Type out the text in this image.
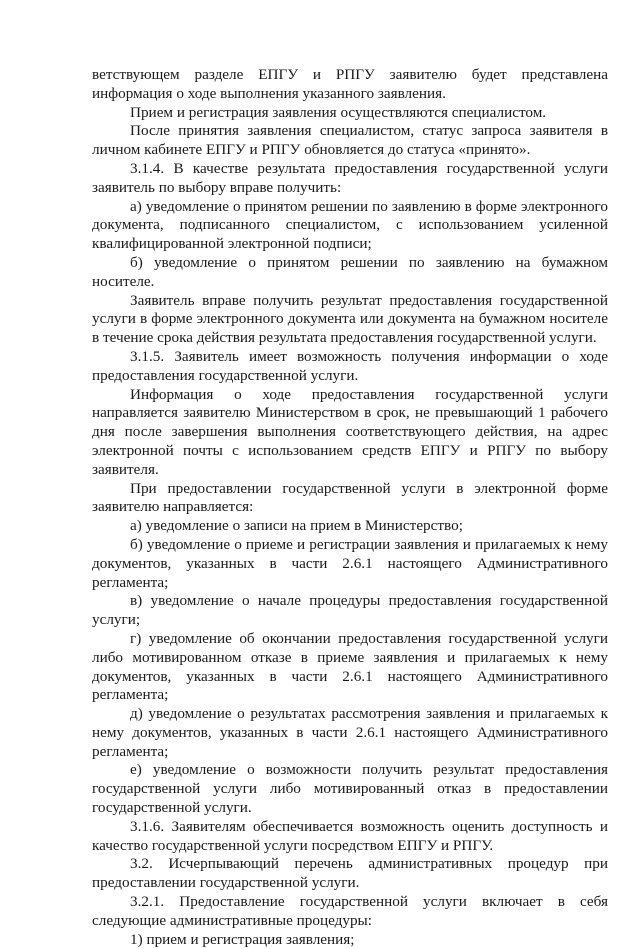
ветствующем разделе ЕПГУ и РПГУ заявителю будет представлена информация о ходе выполнения указанного заявления.

Прием и регистрация заявления осуществляются специалистом.

После принятия заявления специалистом, статус запроса заявителя в личном кабинете ЕПГУ и РПГУ обновляется до статуса «принято».

3.1.4. В качестве результата предоставления государственной услуги заявитель по выбору вправе получить:

а) уведомление о принятом решении по заявлению в форме электронного документа, подписанного специалистом, с использованием усиленной квалифицированной электронной подписи;

б) уведомление о принятом решении по заявлению на бумажном носителе.

Заявитель вправе получить результат предоставления государственной услуги в форме электронного документа или документа на бумажном носителе в течение срока действия результата предоставления государственной услуги.

3.1.5. Заявитель имеет возможность получения информации о ходе предоставления государственной услуги.

Информация о ходе предоставления государственной услуги направляется заявителю Министерством в срок, не превышающий 1 рабочего дня после завершения выполнения соответствующего действия, на адрес электронной почты с использованием средств ЕПГУ и РПГУ по выбору заявителя.

При предоставлении государственной услуги в электронной форме заявителю направляется:

а) уведомление о записи на прием в Министерство;

б) уведомление о приеме и регистрации заявления и прилагаемых к нему документов, указанных в части 2.6.1 настоящего Административного регламента;

в) уведомление о начале процедуры предоставления государственной услуги;

г) уведомление об окончании предоставления государственной услуги либо мотивированном отказе в приеме заявления и прилагаемых к нему документов, указанных в части 2.6.1 настоящего Административного регламента;

д) уведомление о результатах рассмотрения заявления и прилагаемых к нему документов, указанных в части 2.6.1 настоящего Административного регламента;

е) уведомление о возможности получить результат предоставления государственной услуги либо мотивированный отказ в предоставлении государственной услуги.

3.1.6. Заявителям обеспечивается возможность оценить доступность и качество государственной услуги посредством ЕПГУ и РПГУ.

3.2. Исчерпывающий перечень административных процедур при предоставлении государственной услуги.

3.2.1. Предоставление государственной услуги включает в себя следующие административные процедуры:

1) прием и регистрация заявления;
